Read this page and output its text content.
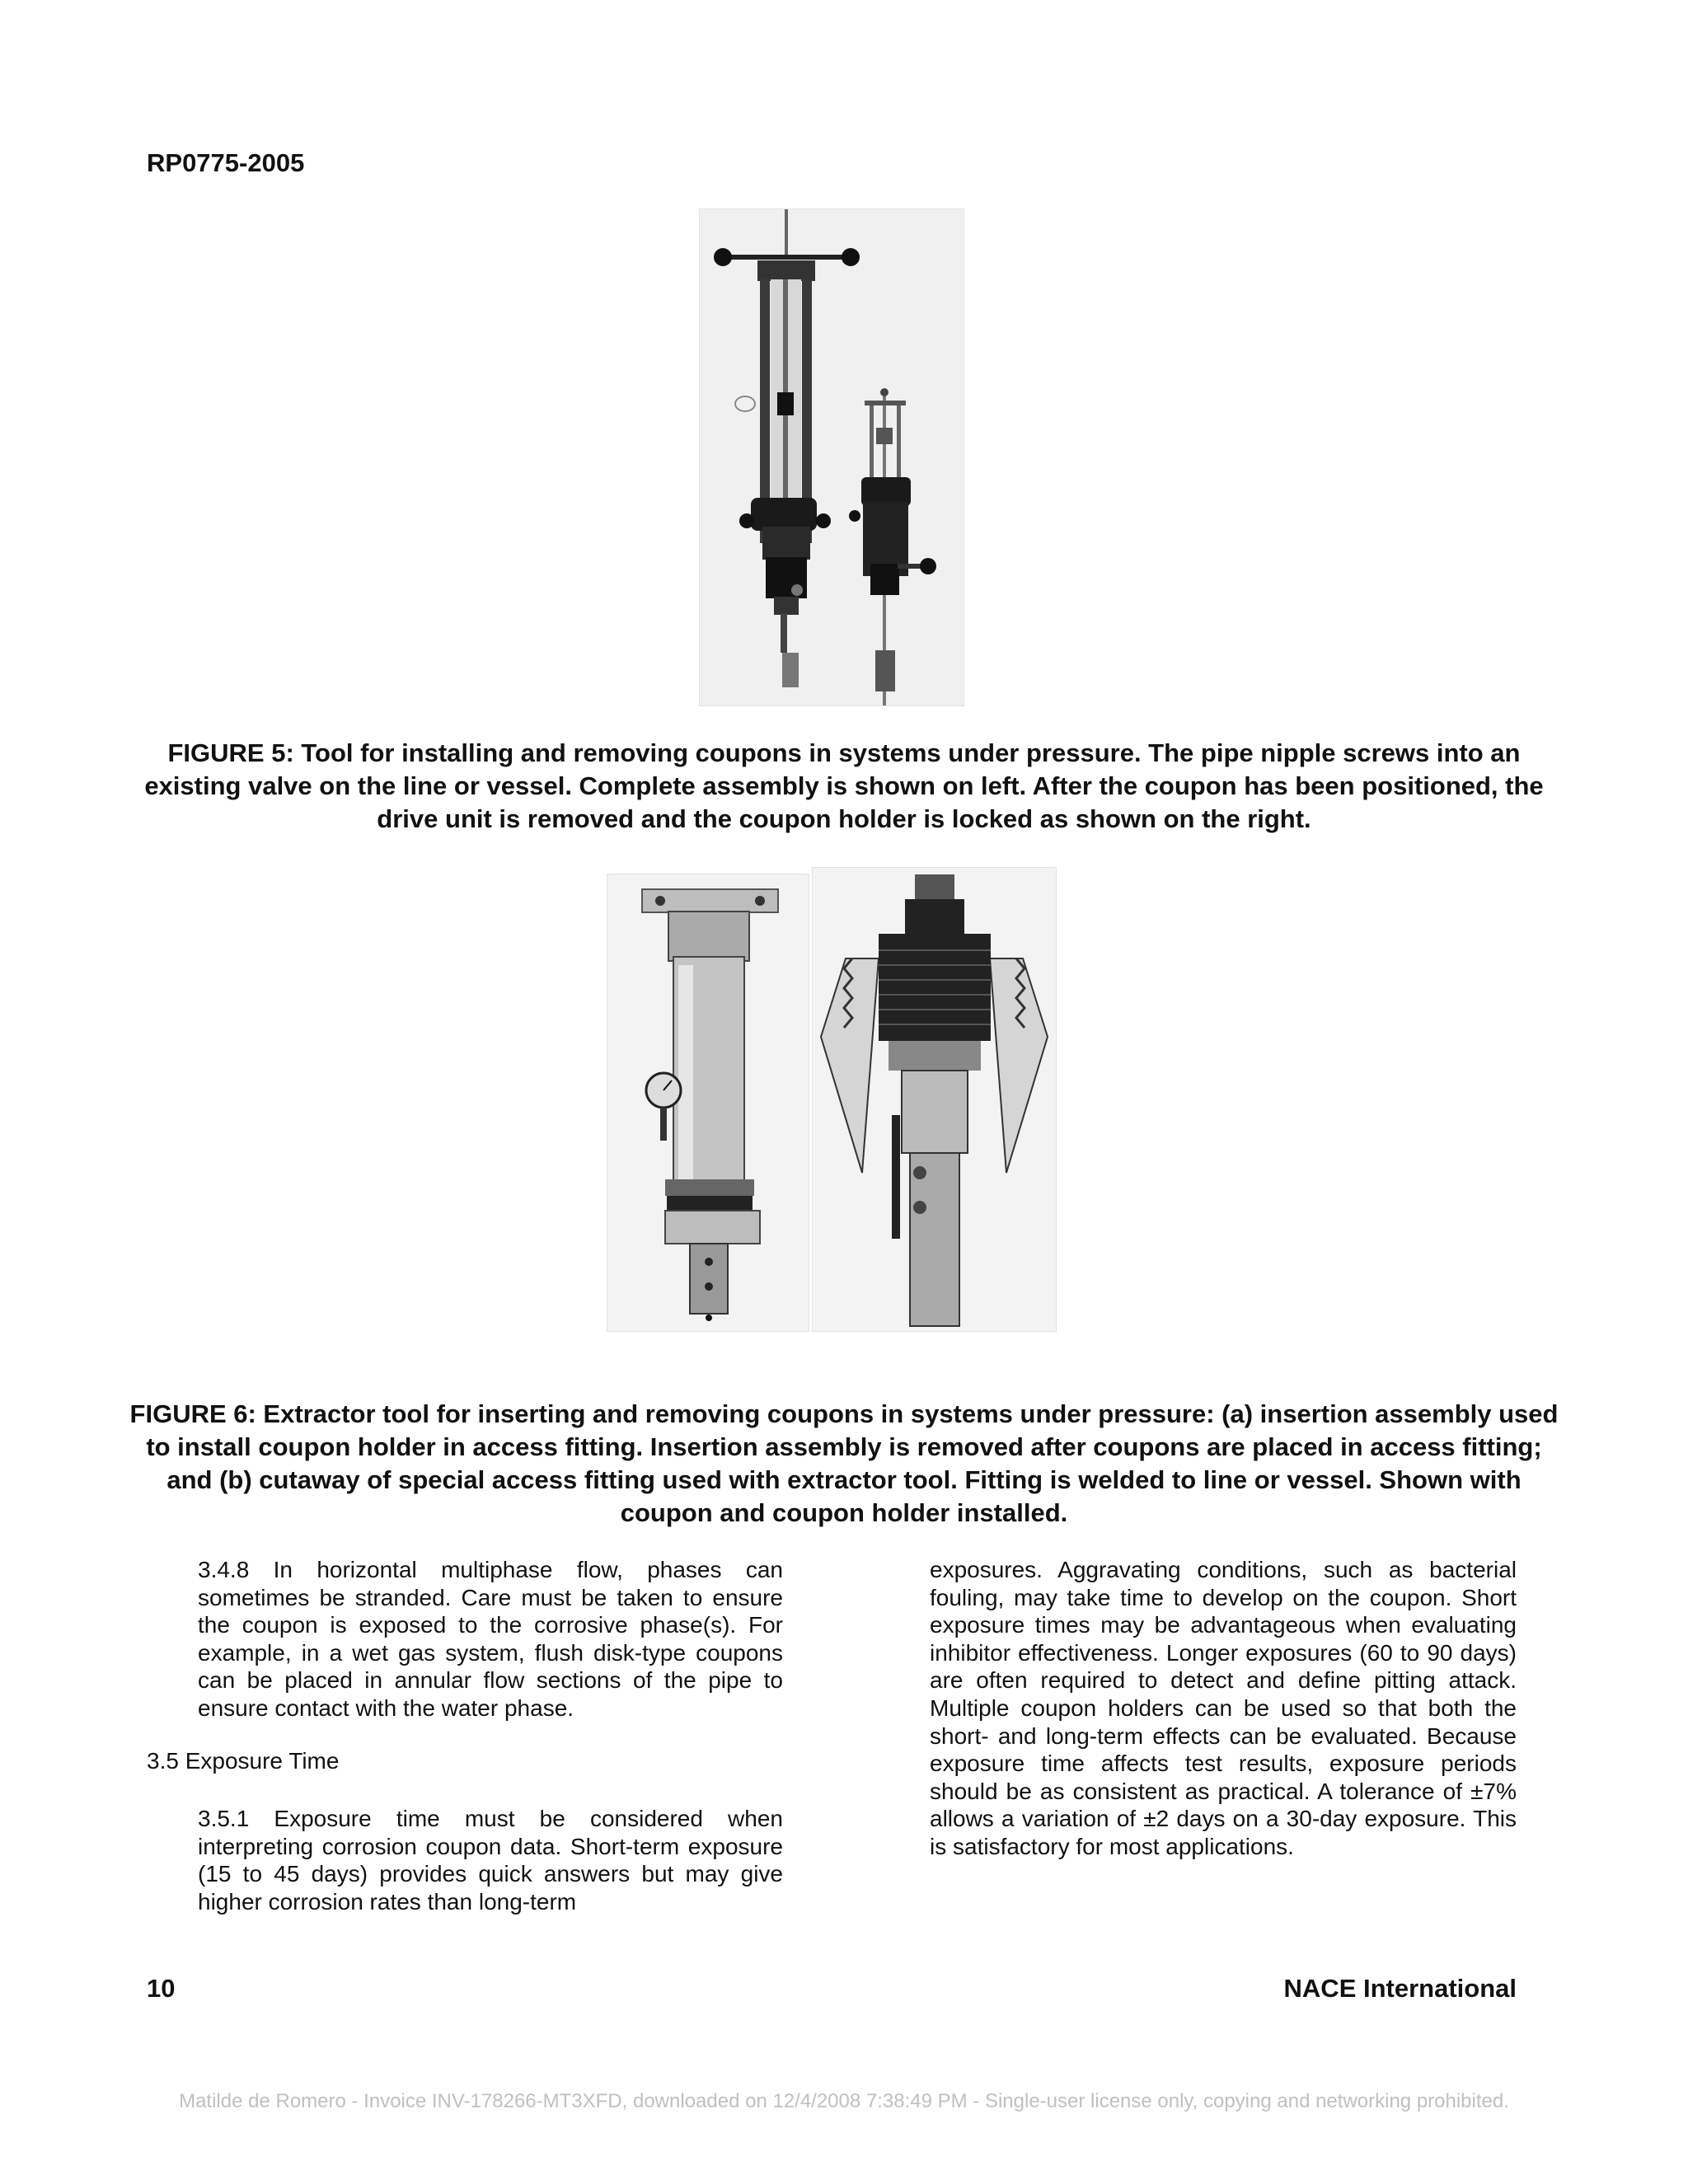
RP0775-2005
FIGURE 5: Tool for installing and removing coupons in systems under pressure. The pipe nipple screws into an existing valve on the line or vessel. Complete assembly is shown on left. After the coupon has been positioned, the drive unit is removed and the coupon holder is locked as shown on the right.
FIGURE 6: Extractor tool for inserting and removing coupons in systems under pressure: (a) insertion assembly used to install coupon holder in access fitting. Insertion assembly is removed after coupons are placed in access fitting; and (b) cutaway of special access fitting used with extractor tool. Fitting is welded to line or vessel. Shown with coupon and coupon holder installed.
3.4.8 In horizontal multiphase flow, phases can sometimes be stranded. Care must be taken to ensure the coupon is exposed to the corrosive phase(s). For example, in a wet gas system, flush disk-type coupons can be placed in annular flow sections of the pipe to ensure contact with the water phase.
3.5 Exposure Time
3.5.1 Exposure time must be considered when interpreting corrosion coupon data. Short-term exposure (15 to 45 days) provides quick answers but may give higher corrosion rates than long-term
exposures. Aggravating conditions, such as bacterial fouling, may take time to develop on the coupon. Short exposure times may be advantageous when evaluating inhibitor effectiveness. Longer exposures (60 to 90 days) are often required to detect and define pitting attack. Multiple coupon holders can be used so that both the short- and long-term effects can be evaluated. Because exposure time affects test results, exposure periods should be as consistent as practical. A tolerance of ±7% allows a variation of ±2 days on a 30-day exposure. This is satisfactory for most applications.
10	NACE International
Matilde de Romero - Invoice INV-178266-MT3XFD, downloaded on 12/4/2008 7:38:49 PM - Single-user license only, copying and networking prohibited.
